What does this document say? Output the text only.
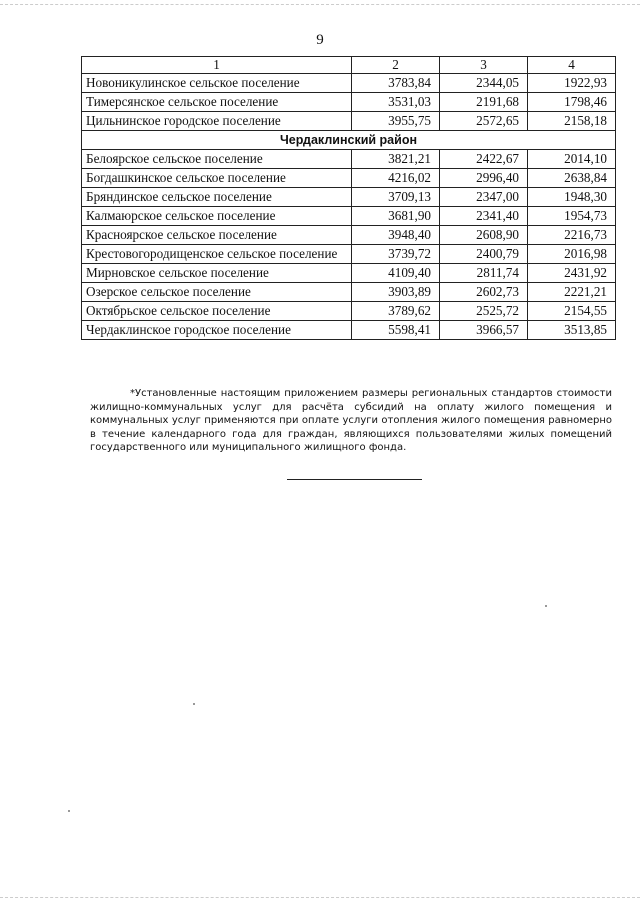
9
1	2	3	4
Новоникулинское сельское поселение	3783,84	2344,05	1922,93
Тимерсянское сельское поселение	3531,03	2191,68	1798,46
Цильнинское городское поселение	3955,75	2572,65	2158,18
Чердаклинский район			
Белоярское сельское поселение	3821,21	2422,67	2014,10
Богдашкинское сельское поселение	4216,02	2996,40	2638,84
Бряндинское сельское поселение	3709,13	2347,00	1948,30
Калмаюрское сельское поселение	3681,90	2341,40	1954,73
Красноярское сельское поселение	3948,40	2608,90	2216,73
Крестовогородищенское сельское поселение	3739,72	2400,79	2016,98
Мирновское сельское поселение	4109,40	2811,74	2431,92
Озерское сельское поселение	3903,89	2602,73	2221,21
Октябрьское сельское поселение	3789,62	2525,72	2154,55
Чердаклинское городское поселение	5598,41	3966,57	3513,85
*Установленные настоящим приложением размеры региональных стандартов стоимости жилищно-коммунальных услуг для расчёта субсидий на оплату жилого помещения и коммунальных услуг применяются при оплате услуги отопления жилого помещения равномерно в течение календарного года для граждан, являющихся пользователями жилых помещений государственного или муниципального жилищного фонда.
